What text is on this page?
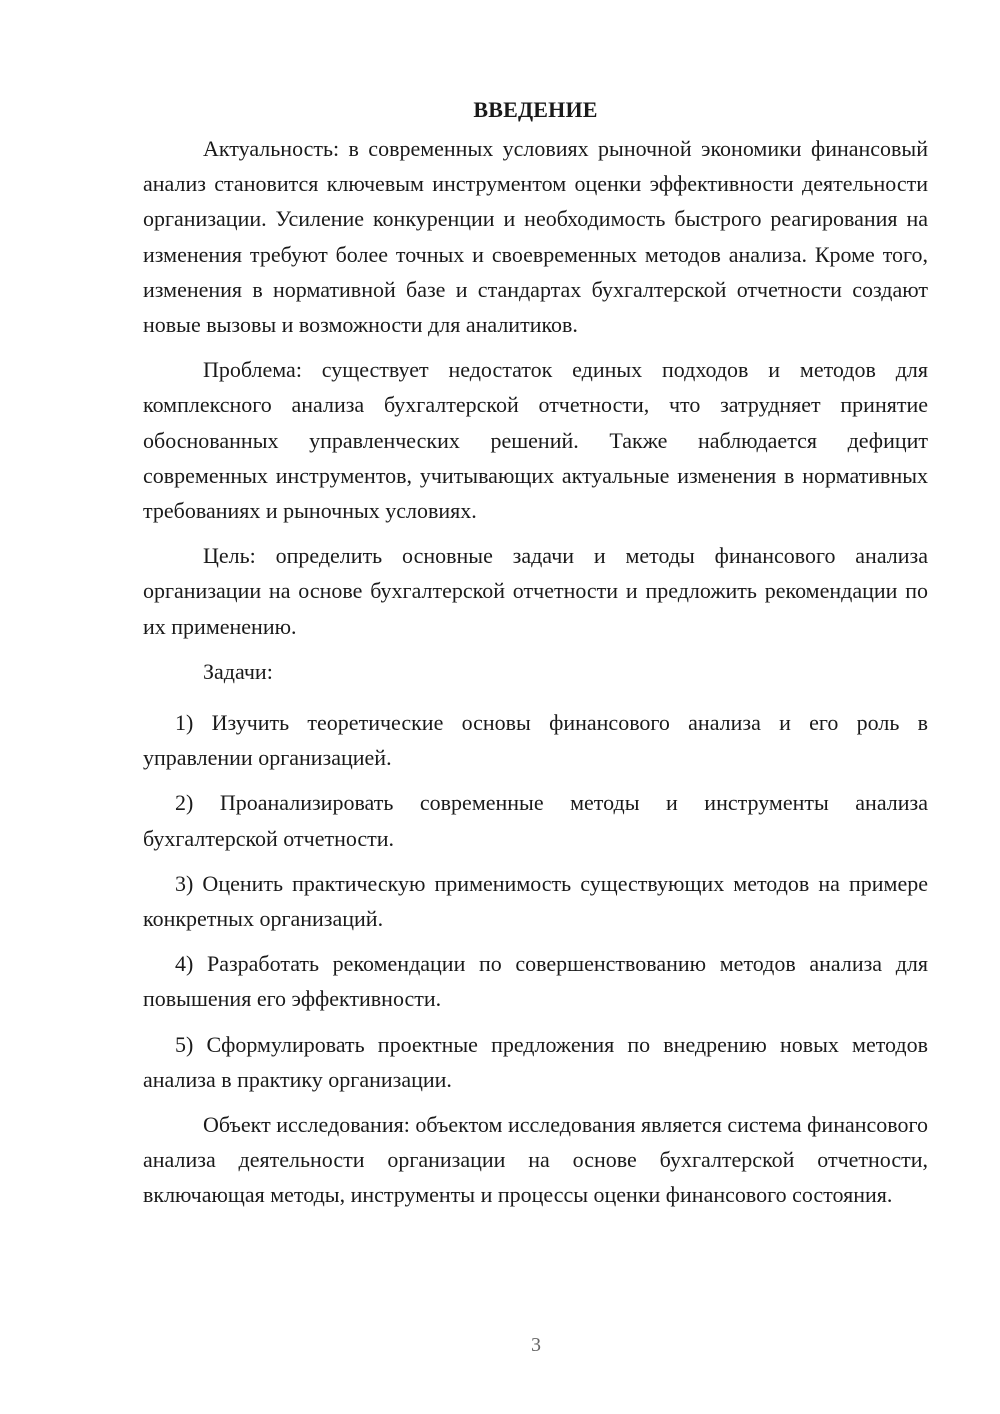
ВВЕДЕНИЕ

Актуальность: в современных условиях рыночной экономики финансовый анализ становится ключевым инструментом оценки эффективности деятельности организации. Усиление конкуренции и необходимость быстрого реагирования на изменения требуют более точных и своевременных методов анализа. Кроме того, изменения в нормативной базе и стандартах бухгалтерской отчетности создают новые вызовы и возможности для аналитиков.

Проблема: существует недостаток единых подходов и методов для комплексного анализа бухгалтерской отчетности, что затрудняет принятие обоснованных управленческих решений. Также наблюдается дефицит современных инструментов, учитывающих актуальные изменения в нормативных требованиях и рыночных условиях.

Цель: определить основные задачи и методы финансового анализа организации на основе бухгалтерской отчетности и предложить рекомендации по их применению.

Задачи:

1) Изучить теоретические основы финансового анализа и его роль в управлении организацией.

2) Проанализировать современные методы и инструменты анализа бухгалтерской отчетности.

3) Оценить практическую применимость существующих методов на примере конкретных организаций.

4) Разработать рекомендации по совершенствованию методов анализа для повышения его эффективности.

5) Сформулировать проектные предложения по внедрению новых методов анализа в практику организации.

Объект исследования: объектом исследования является система финансового анализа деятельности организации на основе бухгалтерской отчетности, включающая методы, инструменты и процессы оценки финансового состояния.

3
